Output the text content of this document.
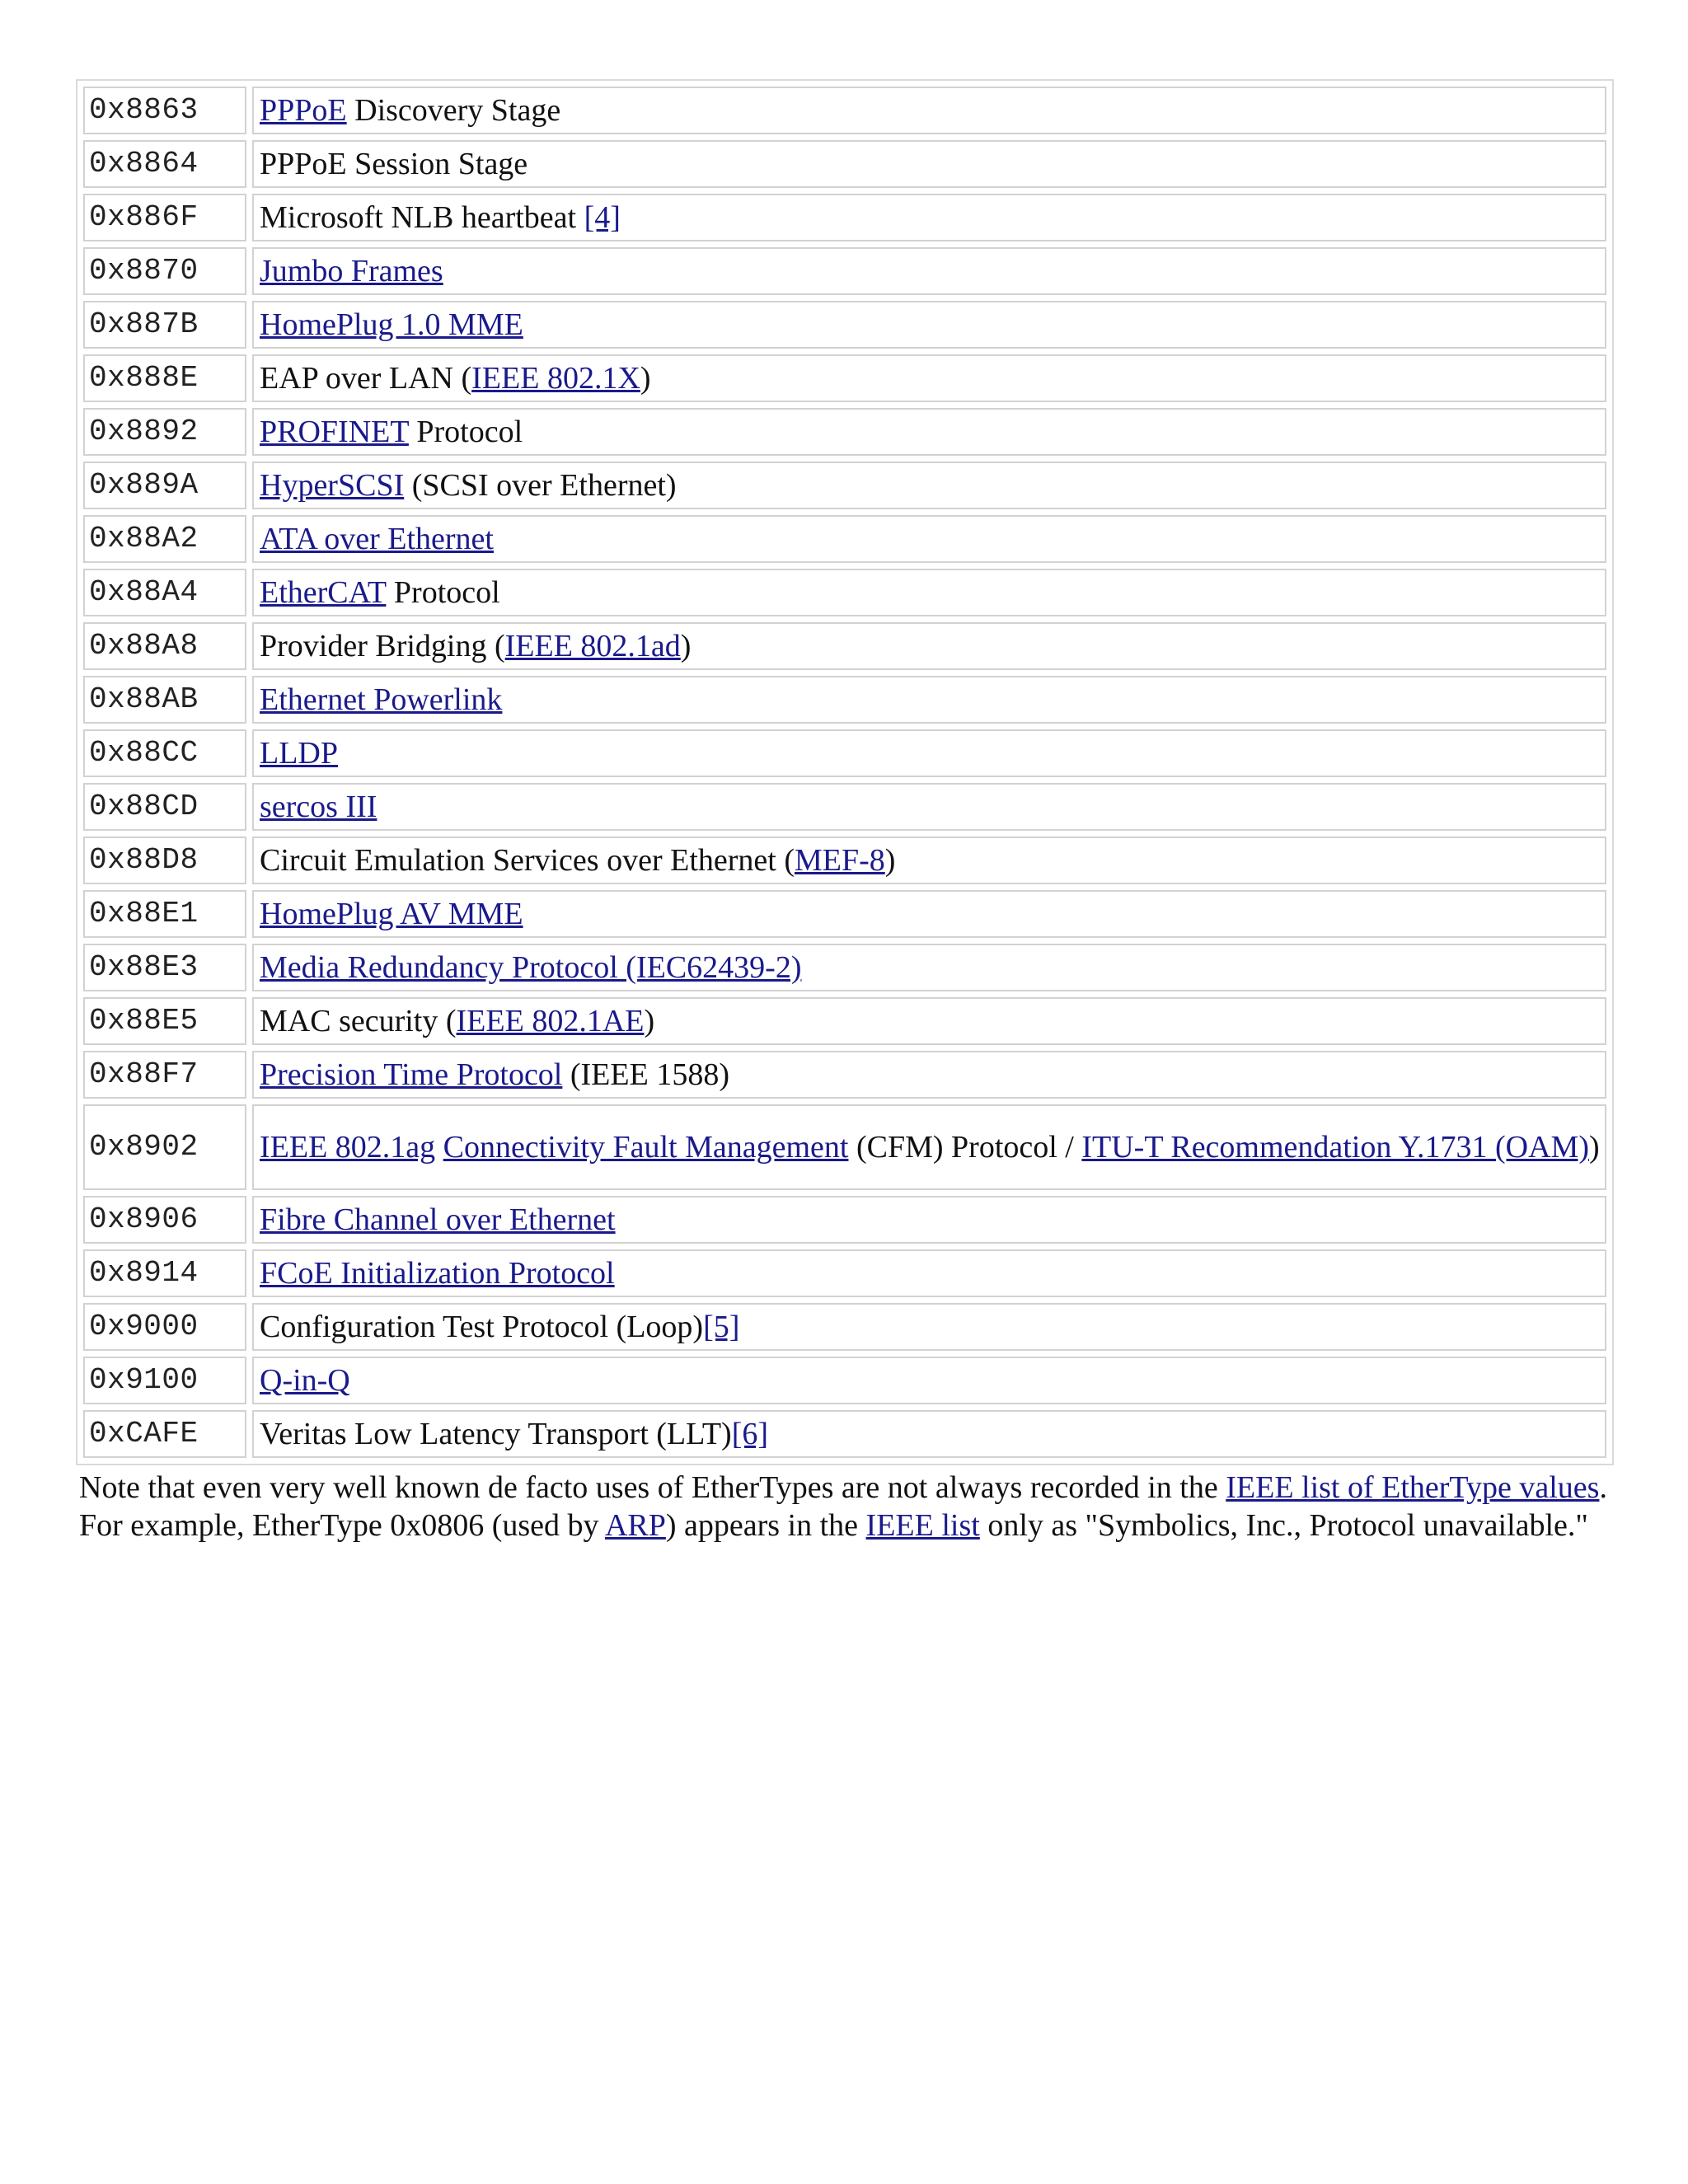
0x8863	PPPoE Discovery Stage
0x8864	PPPoE Session Stage
0x886F	Microsoft NLB heartbeat [4]
0x8870	Jumbo Frames
0x887B	HomePlug 1.0 MME
0x888E	EAP over LAN (IEEE 802.1X)
0x8892	PROFINET Protocol
0x889A	HyperSCSI (SCSI over Ethernet)
0x88A2	ATA over Ethernet
0x88A4	EtherCAT Protocol
0x88A8	Provider Bridging (IEEE 802.1ad)
0x88AB	Ethernet Powerlink
0x88CC	LLDP
0x88CD	sercos III
0x88D8	Circuit Emulation Services over Ethernet (MEF-8)
0x88E1	HomePlug AV MME
0x88E3	Media Redundancy Protocol (IEC62439-2)
0x88E5	MAC security (IEEE 802.1AE)
0x88F7	Precision Time Protocol (IEEE 1588)
0x8902	IEEE 802.1ag Connectivity Fault Management (CFM) Protocol / ITU-T Recommendation Y.1731 (OAM))
0x8906	Fibre Channel over Ethernet
0x8914	FCoE Initialization Protocol
0x9000	Configuration Test Protocol (Loop)[5]
0x9100	Q-in-Q
0xCAFE	Veritas Low Latency Transport (LLT)[6]

Note that even very well known de facto uses of EtherTypes are not always recorded in the IEEE list of EtherType values. For example, EtherType 0x0806 (used by ARP) appears in the IEEE list only as "Symbolics, Inc., Protocol unavailable."
